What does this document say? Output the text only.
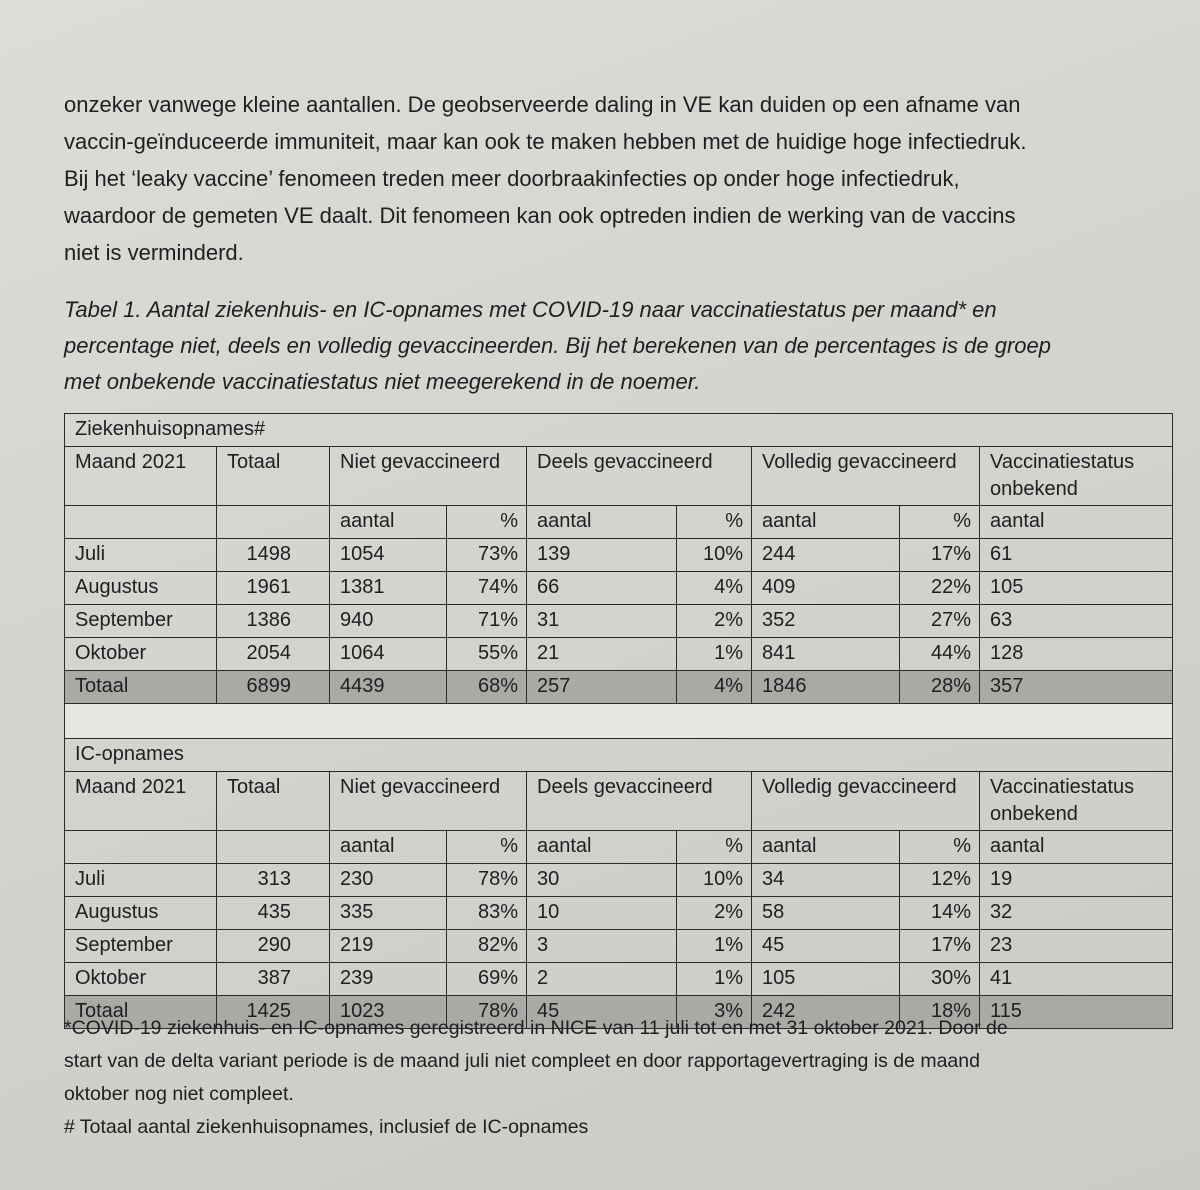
onzeker vanwege kleine aantallen. De geobserveerde daling in VE kan duiden op een afname van
vaccin-geïnduceerde immuniteit, maar kan ook te maken hebben met de huidige hoge infectiedruk.
Bij het ‘leaky vaccine’ fenomeen treden meer doorbraakinfecties op onder hoge infectiedruk,
waardoor de gemeten VE daalt. Dit fenomeen kan ook optreden indien de werking van de vaccins
niet is verminderd.

Tabel 1. Aantal ziekenhuis- en IC-opnames met COVID-19 naar vaccinatiestatus per maand* en
percentage niet, deels en volledig gevaccineerden. Bij het berekenen van de percentages is de groep
met onbekende vaccinatiestatus niet meegerekend in de noemer.

Ziekenhuisopnames#								
Maand 2021	Totaal	Niet gevaccineerd		Deels gevaccineerd		Volledig gevaccineerd		Vaccinatiestatus onbekend
		aantal	%	aantal	%	aantal	%	aantal
Juli	1498	1054	73%	139	10%	244	17%	61
Augustus	1961	1381	74%	66	4%	409	22%	105
September	1386	940	71%	31	2%	352	27%	63
Oktober	2054	1064	55%	21	1%	841	44%	128
Totaal	6899	4439	68%	257	4%	1846	28%	357

IC-opnames								
Maand 2021	Totaal	Niet gevaccineerd		Deels gevaccineerd		Volledig gevaccineerd		Vaccinatiestatus onbekend
		aantal	%	aantal	%	aantal	%	aantal
Juli	313	230	78%	30	10%	34	12%	19
Augustus	435	335	83%	10	2%	58	14%	32
September	290	219	82%	3	1%	45	17%	23
Oktober	387	239	69%	2	1%	105	30%	41
Totaal	1425	1023	78%	45	3%	242	18%	115

*COVID-19 ziekenhuis- en IC-opnames geregistreerd in NICE van 11 juli tot en met 31 oktober 2021. Door de
start van de delta variant periode is de maand juli niet compleet en door rapportagevertraging is de maand
oktober nog niet compleet.
# Totaal aantal ziekenhuisopnames, inclusief de IC-opnames
